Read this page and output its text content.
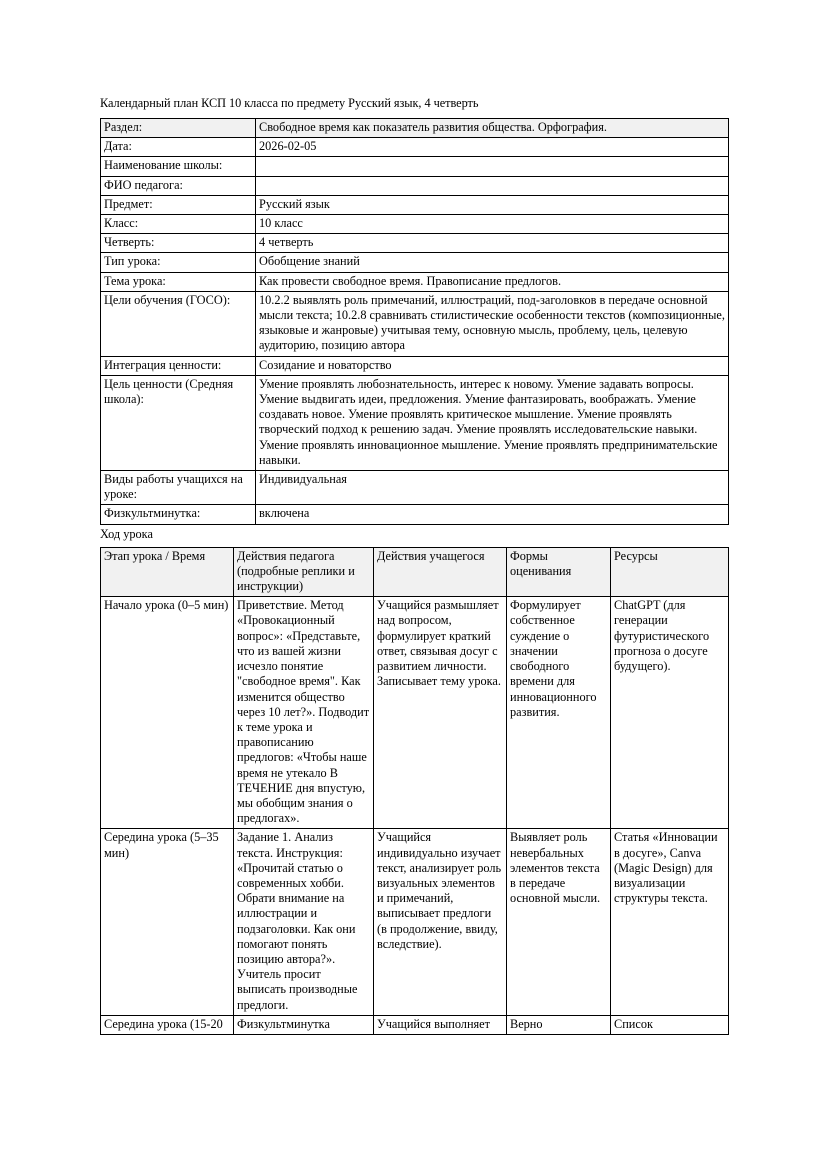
Календарный план КСП 10 класса по предмету Русский язык, 4 четверть

Раздел:	Свободное время как показатель развития общества. Орфография.
Дата:	2026-02-05
Наименование школы:	
ФИО педагога:	
Предмет:	Русский язык
Класс:	10 класс
Четверть:	4 четверть
Тип урока:	Обобщение знаний
Тема урока:	Как провести свободное время. Правописание предлогов.
Цели обучения (ГОСО):	10.2.2 выявлять роль примечаний, иллюстраций, под-заголовков в передаче основной мысли текста; 10.2.8 сравнивать стилистические особенности текстов (композиционные, языковые и жанровые) учитывая тему, основную мысль, проблему, цель, целевую аудиторию, позицию автора
Интеграция ценности:	Созидание и новаторство
Цель ценности (Средняя школа):	Умение проявлять любознательность, интерес к новому. Умение задавать вопросы. Умение выдвигать идеи, предложения. Умение фантазировать, воображать. Умение создавать новое. Умение проявлять критическое мышление. Умение проявлять творческий подход к решению задач. Умение проявлять исследовательские навыки. Умение проявлять инновационное мышление. Умение проявлять предпринимательские навыки.
Виды работы учащихся на уроке:	Индивидуальная
Физкультминутка:	включена

Ход урока

Этап урока / Время	Действия педагога (подробные реплики и инструкции)	Действия учащегося	Формы оценивания	Ресурсы
Начало урока (0–5 мин)	Приветствие. Метод «Провокационный вопрос»: «Представьте, что из вашей жизни исчезло понятие "свободное время". Как изменится общество через 10 лет?». Подводит к теме урока и правописанию предлогов: «Чтобы наше время не утекало В ТЕЧЕНИЕ дня впустую, мы обобщим знания о предлогах».	Учащийся размышляет над вопросом, формулирует краткий ответ, связывая досуг с развитием личности. Записывает тему урока.	Формулирует собственное суждение о значении свободного времени для инновационного развития.	ChatGPT (для генерации футуристического прогноза о досуге будущего).
Середина урока (5–35 мин)	Задание 1. Анализ текста. Инструкция: «Прочитай статью о современных хобби. Обрати внимание на иллюстрации и подзаголовки. Как они помогают понять позицию автора?». Учитель просит выписать производные предлоги.	Учащийся индивидуально изучает текст, анализирует роль визуальных элементов и примечаний, выписывает предлоги (в продолжение, ввиду, вследствие).	Выявляет роль невербальных элементов текста в передаче основной мысли.	Статья «Инновации в досуге», Canva (Magic Design) для визуализации структуры текста.
Середина урока (15-20	Физкультминутка	Учащийся выполняет	Верно	Список
